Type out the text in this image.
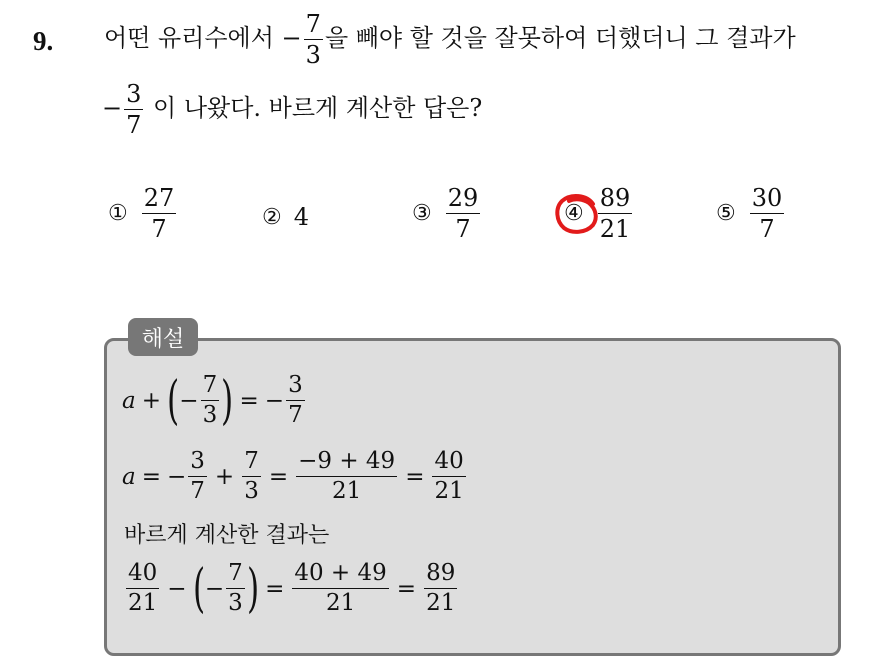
9. 어떤 유리수에서 − $\frac{7}{3}$ 을 빼야 할 것을 잘못하여 더했더니 그 결과가
− $\frac{3}{7}$ 이 나왔다. 바르게 계산한 답은?
① $\frac{27}{7}$	② 4	③ $\frac{29}{7}$	④ $\frac{89}{21}$	⑤ $\frac{30}{7}$
해설
a + ( − $\frac{7}{3}$ ) = − $\frac{3}{7}$
a = − $\frac{3}{7} + \frac{7}{3} = \frac{-9 + 49}{21} = \frac{40}{21}$
바르게 계산한 결과는
$\frac{40}{21}$ − ( − $\frac{7}{3}$ ) = $\frac{40 + 49}{21} = \frac{89}{21}$
